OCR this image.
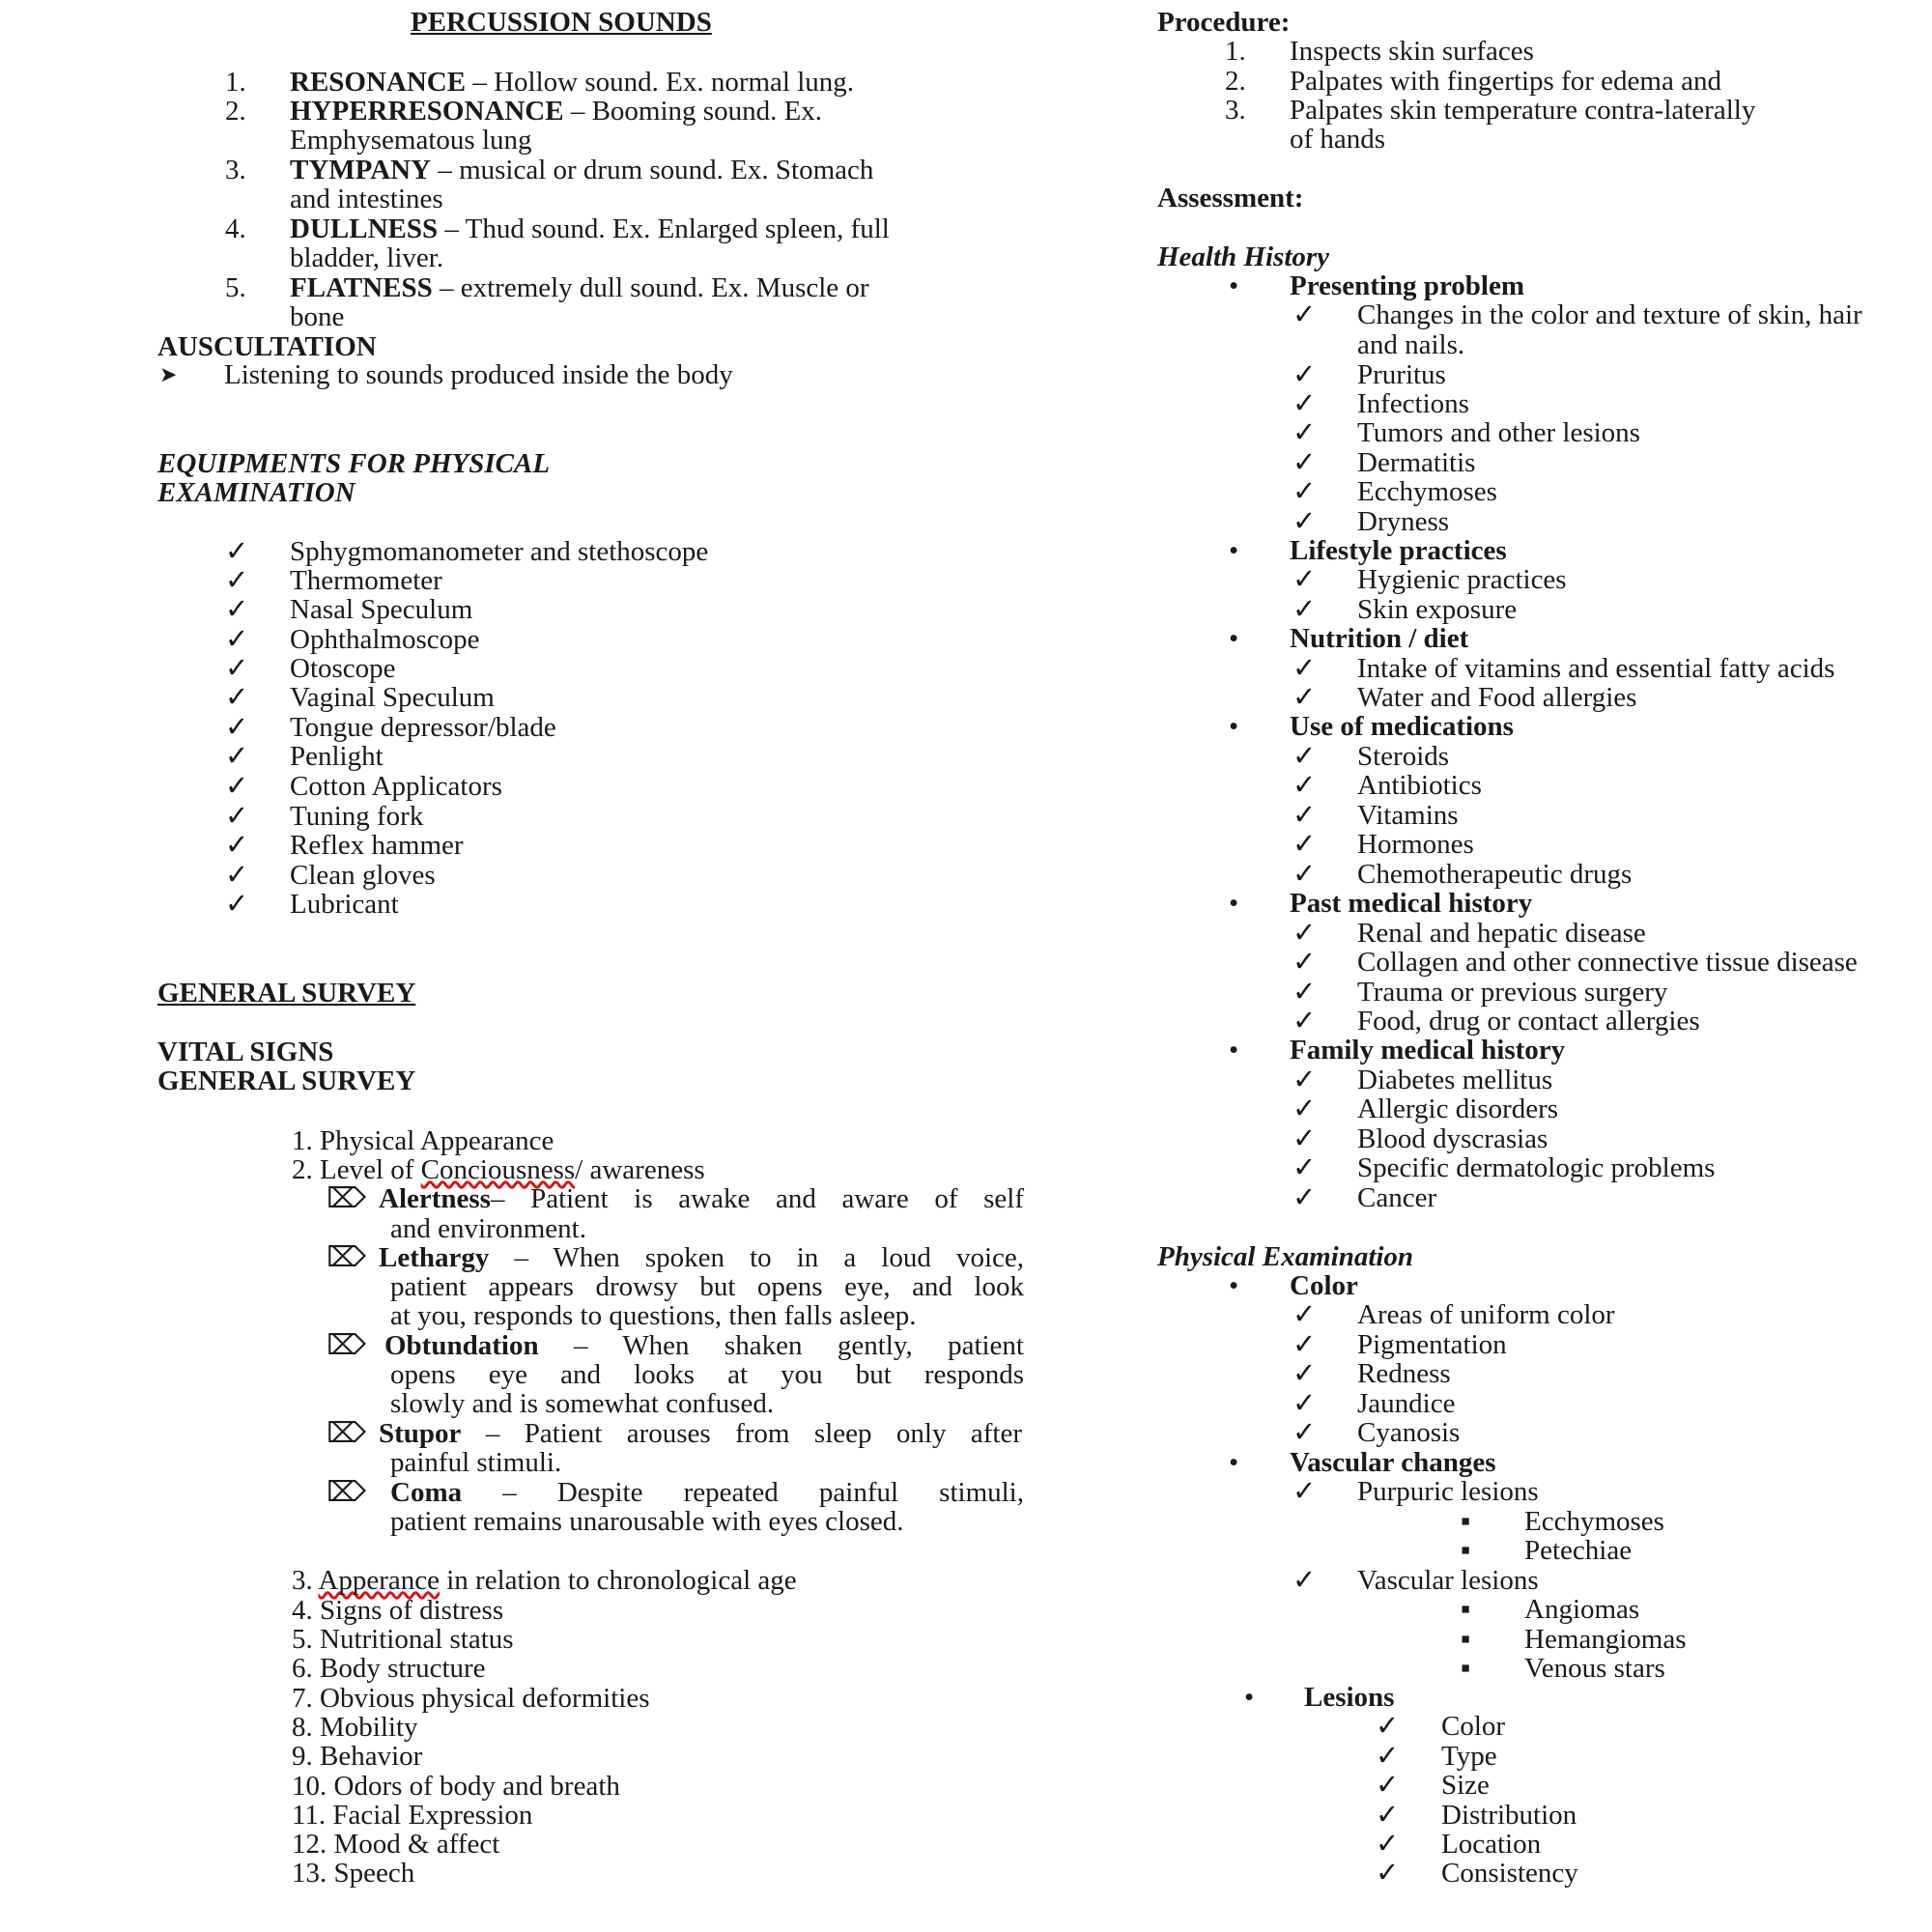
PERCUSSION SOUNDS
1. RESONANCE – Hollow sound. Ex. normal lung.
2. HYPERRESONANCE – Booming sound. Ex.
Emphysematous lung
3. TYMPANY – musical or drum sound. Ex. Stomach
and intestines
4. DULLNESS – Thud sound. Ex. Enlarged spleen, full
bladder, liver.
5. FLATNESS – extremely dull sound. Ex. Muscle or
bone
AUSCULTATION
➤ Listening to sounds produced inside the body
EQUIPMENTS FOR PHYSICAL
EXAMINATION
✓ Sphygmomanometer and stethoscope
✓ Thermometer
✓ Nasal Speculum
✓ Ophthalmoscope
✓ Otoscope
✓ Vaginal Speculum
✓ Tongue depressor/blade
✓ Penlight
✓ Cotton Applicators
✓ Tuning fork
✓ Reflex hammer
✓ Clean gloves
✓ Lubricant
GENERAL SURVEY
VITAL SIGNS
GENERAL SURVEY
1. Physical Appearance
2. Level of Conciousness/ awareness
⌦ Alertness– Patient is awake and aware of self
and environment.
⌦ Lethargy – When spoken to in a loud voice,
patient appears drowsy but opens eye, and look
at you, responds to questions, then falls asleep.
⌦ Obtundation – When shaken gently, patient
opens eye and looks at you but responds
slowly and is somewhat confused.
⌦ Stupor – Patient arouses from sleep only after
painful stimuli.
⌦ Coma – Despite repeated painful stimuli,
patient remains unarousable with eyes closed.
3. Apperance in relation to chronological age
4. Signs of distress
5. Nutritional status
6. Body structure
7. Obvious physical deformities
8. Mobility
9. Behavior
10. Odors of body and breath
11. Facial Expression
12. Mood & affect
13. Speech
Procedure:
1. Inspects skin surfaces
2. Palpates with fingertips for edema and
3. Palpates skin temperature contra-laterally
of hands
Assessment:
Health History
• Presenting problem
✓ Changes in the color and texture of skin, hair
and nails.
✓ Pruritus
✓ Infections
✓ Tumors and other lesions
✓ Dermatitis
✓ Ecchymoses
✓ Dryness
• Lifestyle practices
✓ Hygienic practices
✓ Skin exposure
• Nutrition / diet
✓ Intake of vitamins and essential fatty acids
✓ Water and Food allergies
• Use of medications
✓ Steroids
✓ Antibiotics
✓ Vitamins
✓ Hormones
✓ Chemotherapeutic drugs
• Past medical history
✓ Renal and hepatic disease
✓ Collagen and other connective tissue disease
✓ Trauma or previous surgery
✓ Food, drug or contact allergies
• Family medical history
✓ Diabetes mellitus
✓ Allergic disorders
✓ Blood dyscrasias
✓ Specific dermatologic problems
✓ Cancer
Physical Examination
• Color
✓ Areas of uniform color
✓ Pigmentation
✓ Redness
✓ Jaundice
✓ Cyanosis
• Vascular changes
✓ Purpuric lesions
▪ Ecchymoses
▪ Petechiae
✓ Vascular lesions
▪ Angiomas
▪ Hemangiomas
▪ Venous stars
• Lesions
✓ Color
✓ Type
✓ Size
✓ Distribution
✓ Location
✓ Consistency
